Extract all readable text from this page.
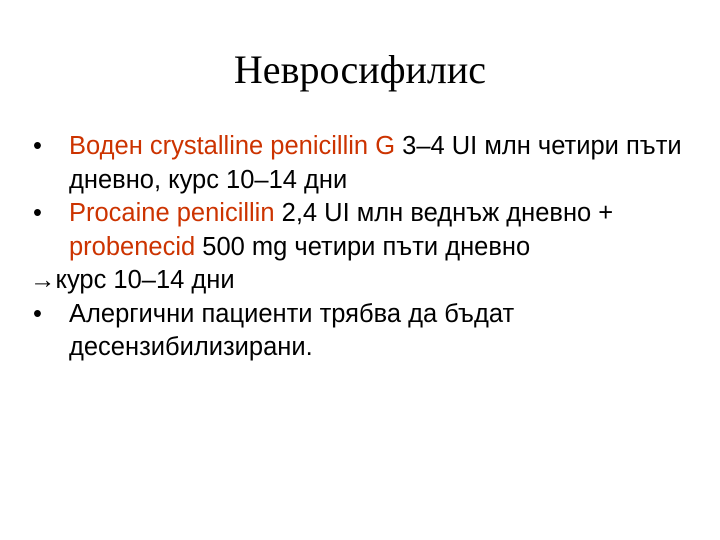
Невросифилис
•	Воден crystalline penicillin G 3–4 UI млн четири пъти дневно, курс 10–14 дни
•	Procaine penicillin 2,4 UI млн веднъж дневно + probenecid 500 mg четири пъти дневно
→курс 10–14 дни
•	Алергични пациенти трябва да бъдат десензибилизирани.
